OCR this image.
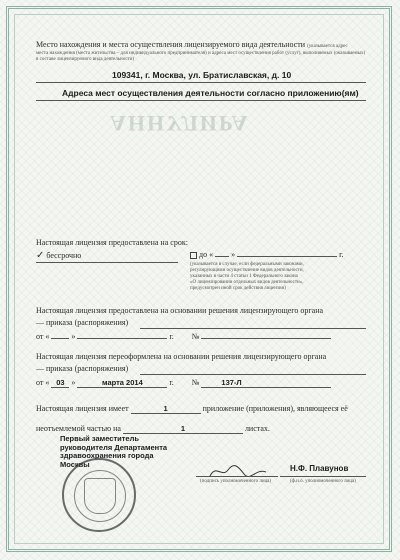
АННУЛИРА
Место нахождения и места осуществления лицензируемого вида деятельности (указывается адрес
места нахождения (места жительства – для индивидуального предпринимателя) и адреса мест осуществления работ (услуг), выполняемых (оказываемых)
в составе лицензируемого вида деятельности)
109341, г. Москва, ул. Братиславская, д. 10
Адреса мест осуществления деятельности согласно приложению(ям)
Настоящая лицензия предоставлена на срок:
✓ бессрочно	до « »	г.
(указывается в случае, если федеральными законами,
регулирующими осуществление видов деятельности,
указанных в части 4 статьи 1 Федерального закона
«О лицензировании отдельных видов деятельности»,
предусмотрен иной срок действия лицензии)
Настоящая лицензия предоставлена на основании решения лицензирующего органа
— приказа (распоряжения)
от «	»	г. №
Настоящая лицензия переоформлена на основании решения лицензирующего органа
— приказа (распоряжения)
от « 03 »	марта 2014	г. №	137-Л
Настоящая лицензия имеет	1	приложение (приложения), являющееся её
неотъемлемой частью на	1	листах.
Первый заместитель
руководителя Департамента
здравоохранения города
Москвы
(подпись уполномоченного лица)
Н.Ф. Плавунов
(ф.и.о. уполномоченного лица)
